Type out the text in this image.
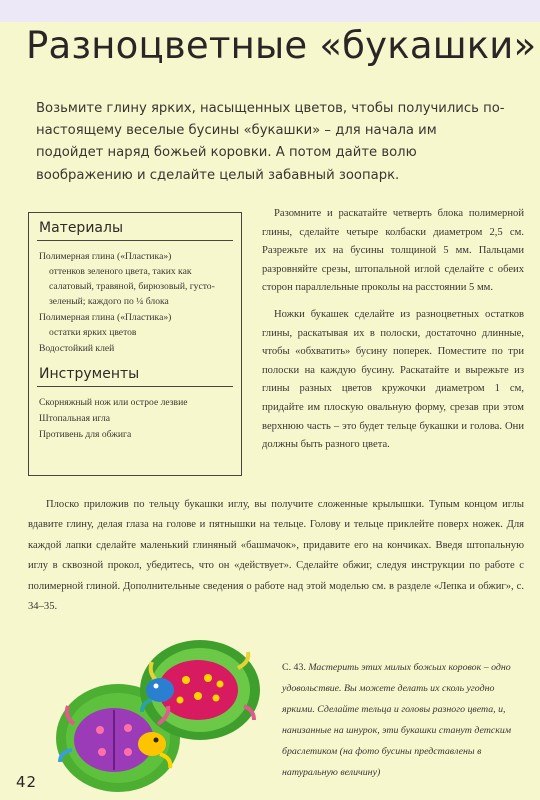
Разноцветные «букашки»
Возьмите глину ярких, насыщенных цветов, чтобы получились по-настоящему веселые бусины «букашки» – для начала им подойдет наряд божьей коровки. А потом дайте волю воображению и сделайте целый забавный зоопарк.
Материалы
Полимерная глина («Пластика»)
оттенков зеленого цвета, таких как салатовый, травяной, бирюзовый, густо-зеленый; каждого по ¼ блока
Полимерная глина («Пластика»)
остатки ярких цветов
Водостойкий клей
Инструменты
Скорняжный нож или острое лезвие
Штопальная игла
Противень для обжига

Разомните и раскатайте четверть блока полимерной глины, сделайте четыре колбаски диаметром 2,5 см. Разрежьте их на бусины толщиной 5 мм. Пальцами разровняйте срезы, штопальной иглой сделайте с обеих сторон параллельные проколы на расстоянии 5 мм.

Ножки букашек сделайте из разноцветных остатков глины, раскатывая их в полоски, достаточно длинные, чтобы «обхватить» бусину поперек. Поместите по три полоски на каждую бусину. Раскатайте и вырежьте из глины разных цветов кружочки диаметром 1 см, придайте им плоскую овальную форму, срезав при этом верхнюю часть – это будет тельце букашки и голова. Они должны быть разного цвета.

Плоско приложив по тельцу букашки иглу, вы получите сложенные крылышки. Тупым концом иглы вдавите глину, делая глаза на голове и пятнышки на тельце. Голову и тельце приклейте поверх ножек. Для каждой лапки сделайте маленький глиняный «башмачок», придавите его на кончиках. Введя штопальную иглу в сквозной прокол, убедитесь, что он «действует». Сделайте обжиг, следуя инструкции по работе с полимерной глиной. Дополнительные сведения о работе над этой моделью см. в разделе «Лепка и обжиг», с. 34–35.

С. 43. Мастерить этих милых божьих коровок – одно удовольствие. Вы можете делать их сколь угодно яркими. Сделайте тельца и головы разного цвета, и, нанизанные на шнурок, эти букашки станут детским браслетиком (на фото бусины представлены в натуральную величину)
42
